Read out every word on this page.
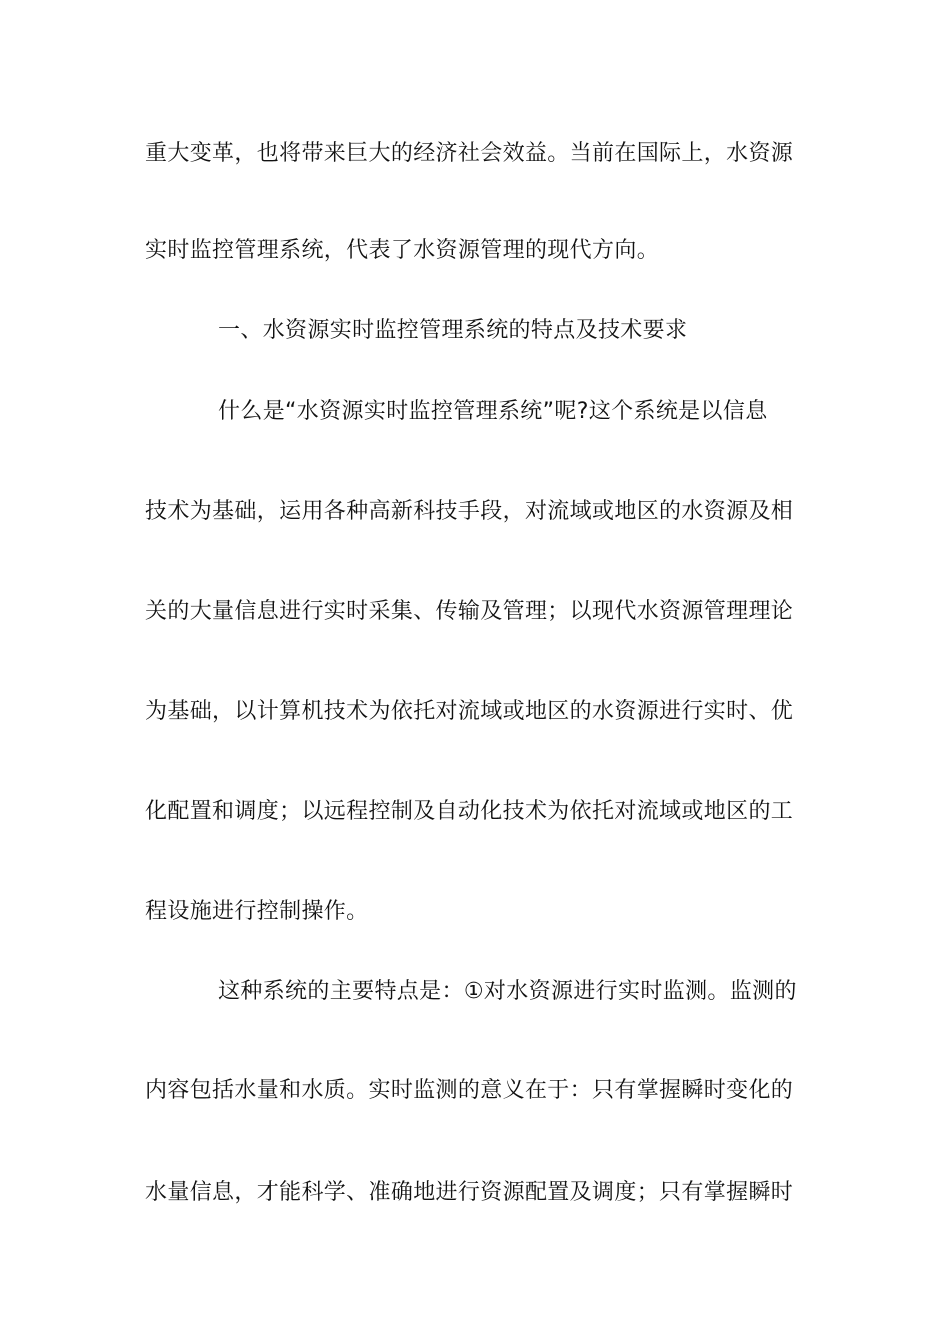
重大变革，也将带来巨大的经济社会效益。当前在国际上，水资源
实时监控管理系统，代表了水资源管理的现代方向。
一、水资源实时监控管理系统的特点及技术要求
什么是“水资源实时监控管理系统”呢?这个系统是以信息
技术为基础，运用各种高新科技手段，对流域或地区的水资源及相
关的大量信息进行实时采集、传输及管理；以现代水资源管理理论
为基础，以计算机技术为依托对流域或地区的水资源进行实时、优
化配置和调度；以远程控制及自动化技术为依托对流域或地区的工
程设施进行控制操作。
这种系统的主要特点是：①对水资源进行实时监测。监测的
内容包括水量和水质。实时监测的意义在于：只有掌握瞬时变化的
水量信息，才能科学、准确地进行资源配置及调度；只有掌握瞬时
